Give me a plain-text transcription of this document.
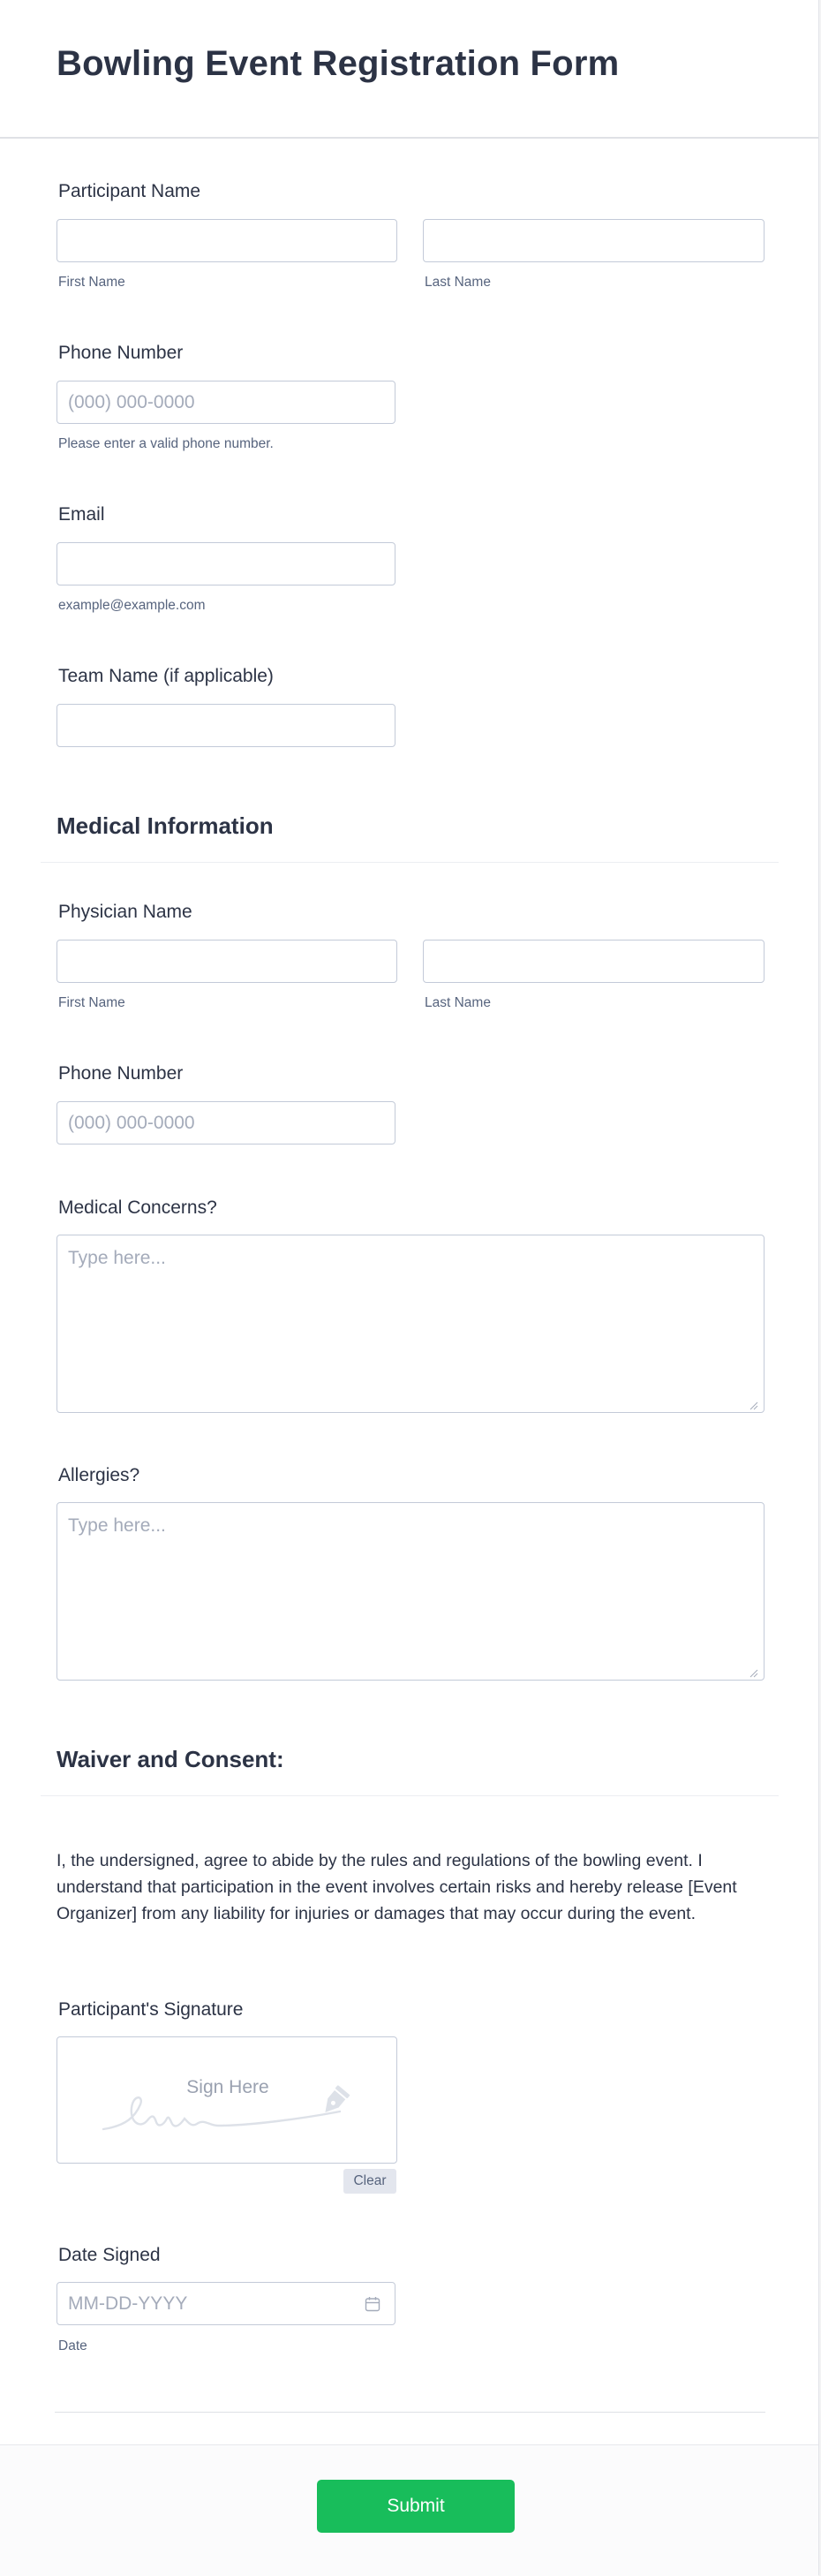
Bowling Event Registration Form
Participant Name
First Name	Last Name
Phone Number
(000) 000-0000
Please enter a valid phone number.
Email
example@example.com
Team Name (if applicable)
Medical Information
Physician Name
First Name	Last Name
Phone Number
(000) 000-0000
Medical Concerns?
Type here...
Allergies?
Type here...
Waiver and Consent:

I, the undersigned, agree to abide by the rules and regulations of the bowling event. I understand that participation in the event involves certain risks and hereby release [Event Organizer] from any liability for injuries or damages that may occur during the event.

Participant's Signature
Sign Here
Clear
Date Signed
MM-DD-YYYY
Date
Submit
